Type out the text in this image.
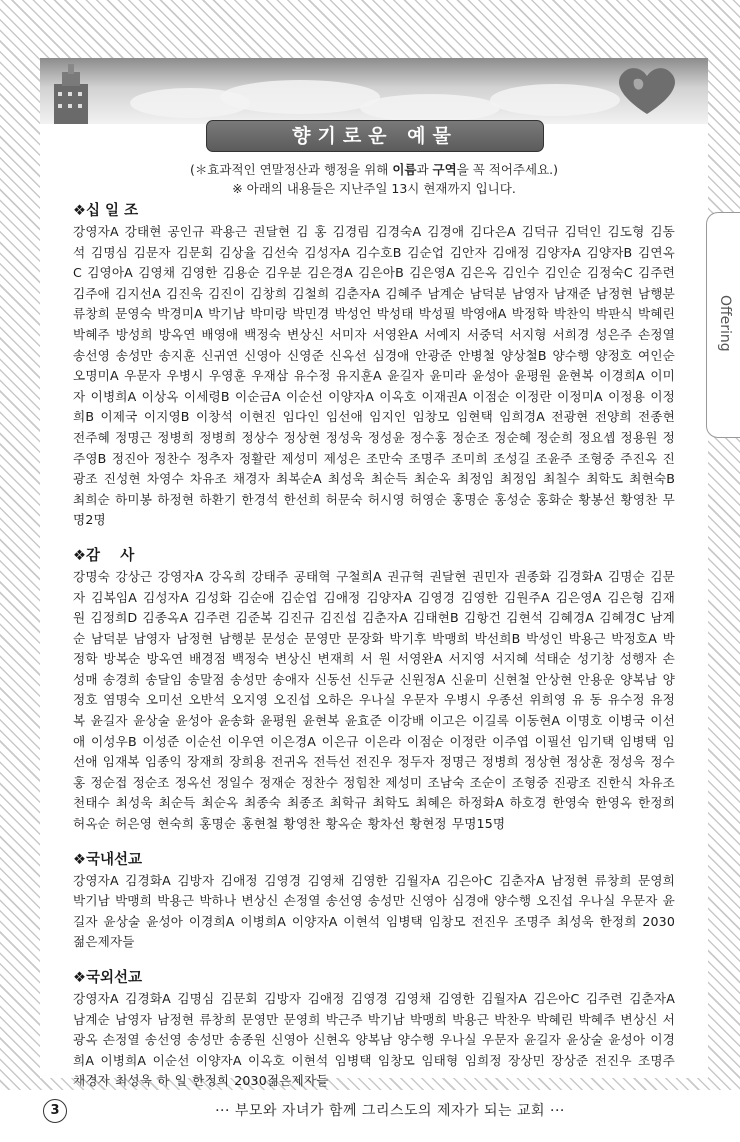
향기로운 예물
(＊효과적인 연말정산과 행정을 위해 이름과 구역을 꼭 적어주세요.)
※ 아래의 내용들은 지난주일 13시 현재까지 입니다.
❖십 일 조

강영자A 강태현 공인규 곽용근 권달현 김 홍 김경림 김경숙A 김경애 김다은A 김덕규 김덕인 김도형 김동석 김명심 김문자 김문회 김상율 김선숙 김성자A 김수호B 김순업 김안자 김애정 김양자A 김양자B 김연옥C 김영아A 김영채 김영한 김용순 김우분 김은경A 김은아B 김은영A 김은옥 김인수 김인순 김정숙C 김주련 김주애 김지선A 김진욱 김진이 김창희 김철희 김춘자A 김혜주 남계순 남덕분 남영자 남재준 남정현 남행분 류창희 문영숙 박경미A 박기남 박미랑 박민경 박성언 박성태 박성필 박영애A 박정학 박찬익 박판식 박혜린 박혜주 방성희 방옥연 배영애 백정숙 변상신 서미자 서영완A 서예지 서중덕 서지형 서희경 성은주 손정열 송선영 송성만 송지훈 신귀연 신영아 신영준 신옥선 심경애 안광준 안병철 양상철B 양수행 양정호 여인순 오명미A 우문자 우병시 우영훈 우재삼 유수정 유지훈A 윤길자 윤미라 윤성아 윤평원 윤현복 이경희A 이미자 이병희A 이상옥 이세령B 이순금A 이순선 이양자A 이옥호 이재권A 이점순 이정란 이정미A 이정용 이정희B 이제국 이지영B 이창석 이현진 임다인 임선애 임지인 임창모 임현택 임희경A 전광현 전양희 전종현 전주혜 정명근 정병희 정병희 정상수 정상현 정성욱 정성윤 정수홍 정순조 정순혜 정순희 정요셉 정용원 정주영B 정진아 정찬수 정추자 정활란 제성미 제성은 조만숙 조명주 조미희 조성길 조윤주 조형중 주진옥 진광조 진성현 차영수 차유조 채경자 최복순A 최성욱 최순득 최순옥 최정임 최정임 최칠수 최학도 최현숙B 최희순 하미봉 하정현 하환기 한경석 한선희 허문숙 허시영 허영순 홍명순 홍성순 홍화순 황봉선 황영찬 무명2명

❖감    사

강명숙 강상근 강영자A 강옥희 강태주 공태혁 구철희A 권규혁 권달현 권민자 권종화 김경화A 김명순 김문자 김복임A 김성자A 김성화 김순애 김순업 김애정 김양자A 김영경 김영한 김원주A 김은영A 김은형 김재원 김정희D 김종옥A 김주련 김준복 김진규 김진섭 김춘자A 김태현B 김항건 김현석 김혜경A 김혜경C 남계순 남덕분 남영자 남정현 남행분 문성순 문영만 문장화 박기후 박맹희 박선희B 박성인 박용근 박정호A 박정학 방복순 방옥연 배경점 백정숙 변상신 변재희 서 원 서영완A 서지영 서지혜 석태순 성기창 성행자 손성매 송경희 송달임 송말점 송성만 송애자 신동선 신두균 신원정A 신윤미 신현철 안상현 안용운 양복남 양정호 염명숙 오미선 오반석 오지영 오진섭 오하은 우나실 우문자 우병시 우종선 위희영 유 동 유수정 유정복 윤길자 윤상술 윤성아 윤송화 윤평원 윤현복 윤효준 이강배 이고은 이길록 이동현A 이명호 이병국 이선애 이성우B 이성준 이순선 이우연 이은경A 이은규 이은라 이점순 이정란 이주엽 이필선 임기택 임병택 임선애 임재복 임종익 장재희 장희용 전귀옥 전득선 전진우 정두자 정명근 정병희 정상현 정상훈 정성욱 정수홍 정순접 정순조 정옥선 정일수 정재순 정찬수 정힘찬 제성미 조남숙 조순이 조형중 진광조 진한식 차유조 천태수 최성욱 최순득 최순옥 최종숙 최종조 최학규 최학도 최혜은 하정화A 하호경 한영숙 한영옥 한정희 허옥순 허은영 현숙희 홍명순 홍현철 황영찬 황옥순 황차선 황현정 무명15명

❖국내선교

강영자A 김경화A 김방자 김애정 김영경 김영채 김영한 김월자A 김은아C 김춘자A 남정현 류창희 문영희 박기남 박맹희 박용근 박하나 변상신 손정열 송선영 송성만 신영아 심경애 양수행 오진섭 우나실 우문자 윤길자 윤상술 윤성아 이경희A 이병희A 이양자A 이현석 임병택 임창모 전진우 조명주 최성욱 한정희 2030젊은제자들

❖국외선교

강영자A 김경화A 김명심 김문회 김방자 김애정 김영경 김영채 김영한 김월자A 김은아C 김주련 김춘자A 남계순 남영자 남정현 류창희 문영만 문영희 박근주 박기남 박맹희 박용근 박찬우 박혜린 박혜주 변상신 서광옥 손정열 송선영 송성만 송종원 신영아 신현옥 양복남 양수행 우나실 우문자 윤길자 윤상술 윤성아 이경희A 이병희A 이순선 이양자A 이옥호 이현석 임병택 임창모 임태형 임희정 장상민 장상준 전진우 조명주 채경자 최성욱 하 일 한정희 2030젊은제자들

Offering
3	··· 부모와 자녀가 함께 그리스도의 제자가 되는 교회 ···
